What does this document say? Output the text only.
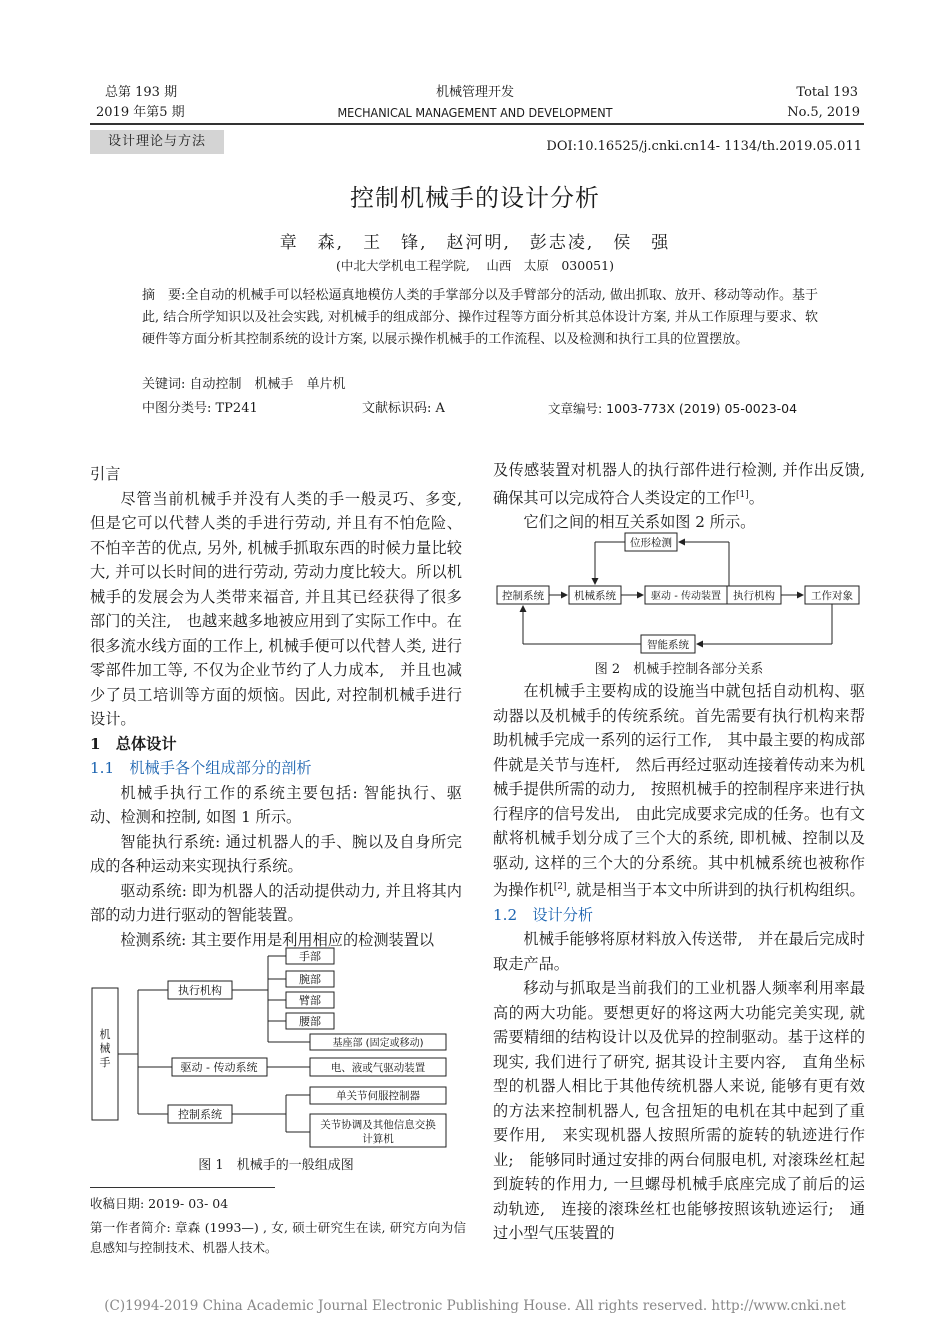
总第 193 期
2019 年第5 期
机械管理开发
MECHANICAL MANAGEMENT AND DEVELOPMENT
Total 193
No.5, 2019
设计理论与方法	DOI:10.16525/j.cnki.cn14- 1134/th.2019.05.011
控制机械手的设计分析
章　森,　王　锋,　赵河明,　彭志凌,　侯　强
(中北大学机电工程学院,　 山西　太原　030051)
摘　要:全自动的机械手可以轻松逼真地模仿人类的手掌部分以及手臂部分的活动, 做出抓取、放开、移动等动作。基于此, 结合所学知识以及社会实践, 对机械手的组成部分、操作过程等方面分析其总体设计方案, 并从工作原理与要求、软硬件等方面分析其控制系统的设计方案, 以展示操作机械手的工作流程、以及检测和执行工具的位置摆放。
关键词: 自动控制　机械手　单片机
中图分类号: TP241	文献标识码: A	文章编号: 1003-773X (2019) 05-0023-04

引言

尽管当前机械手并没有人类的手一般灵巧、多变, 但是它可以代替人类的手进行劳动, 并且有不怕危险、不怕辛苦的优点, 另外, 机械手抓取东西的时候力量比较大, 并可以长时间的进行劳动, 劳动力度比较大。所以机械手的发展会为人类带来福音, 并且其已经获得了很多部门的关注,　也越来越多地被应用到了实际工作中。在很多流水线方面的工作上, 机械手便可以代替人类, 进行零部件加工等, 不仅为企业节约了人力成本,　并且也减少了员工培训等方面的烦恼。因此, 对控制机械手进行设计。

1　总体设计

1.1　机械手各个组成部分的剖析

机械手执行工作的系统主要包括: 智能执行、驱动、检测和控制, 如图 1 所示。

智能执行系统: 通过机器人的手、腕以及自身所完成的各种运动来实现执行系统。

驱动系统: 即为机器人的活动提供动力, 并且将其内部的动力进行驱动的智能装置。

检测系统: 其主要作用是利用相应的检测装置以

机
械
手
执行机构
驱动 - 传动系统
控制系统
手部
腕部
臂部
腰部
基座部 (固定或移动)
电、液或气驱动装置
单关节伺服控制器
关节协调及其他信息交换
计算机
图 1　机械手的一般组成图
收稿日期: 2019- 03- 04
第一作者简介: 章森 (1993—) , 女, 硕士研究生在读, 研究方向为信息感知与控制技术、机器人技术。

及传感装置对机器人的执行部件进行检测, 并作出反馈, 确保其可以完成符合人类设定的工作[1]。

它们之间的相互关系如图 2 所示。

位形检测
控制系统	机械系统	驱动 - 传动装置 执行机构	工作对象
智能系统
图 2　机械手控制各部分关系

在机械手主要构成的设施当中就包括自动机构、驱动器以及机械手的传统系统。首先需要有执行机构来帮助机械手完成一系列的运行工作,　其中最主要的构成部件就是关节与连杆,　然后再经过驱动连接着传动来为机械手提供所需的动力,　按照机械手的控制程序来进行执行程序的信号发出,　由此完成要求完成的任务。也有文献将机械手划分成了三个大的系统, 即机械、控制以及驱动, 这样的三个大的分系统。其中机械系统也被称作为操作机[2], 就是相当于本文中所讲到的执行机构组织。

1.2　设计分析

机械手能够将原材料放入传送带,　并在最后完成时取走产品。

移动与抓取是当前我们的工业机器人频率利用率最高的两大功能。要想更好的将这两大功能完美实现, 就需要精细的结构设计以及优异的控制驱动。基于这样的现实, 我们进行了研究, 据其设计主要内容,　直角坐标型的机器人相比于其他传统机器人来说, 能够有更有效的方法来控制机器人, 包含扭矩的电机在其中起到了重要作用,　来实现机器人按照所需的旋转的轨迹进行作业;　能够同时通过安排的两台伺服电机, 对滚珠丝杠起到旋转的作用力, 一旦螺母机械手底座完成了前后的运动轨迹,　连接的滚珠丝杠也能够按照该轨迹运行;　通过小型气压装置的

(C)1994-2019 China Academic Journal Electronic Publishing House. All rights reserved. http://www.cnki.net
